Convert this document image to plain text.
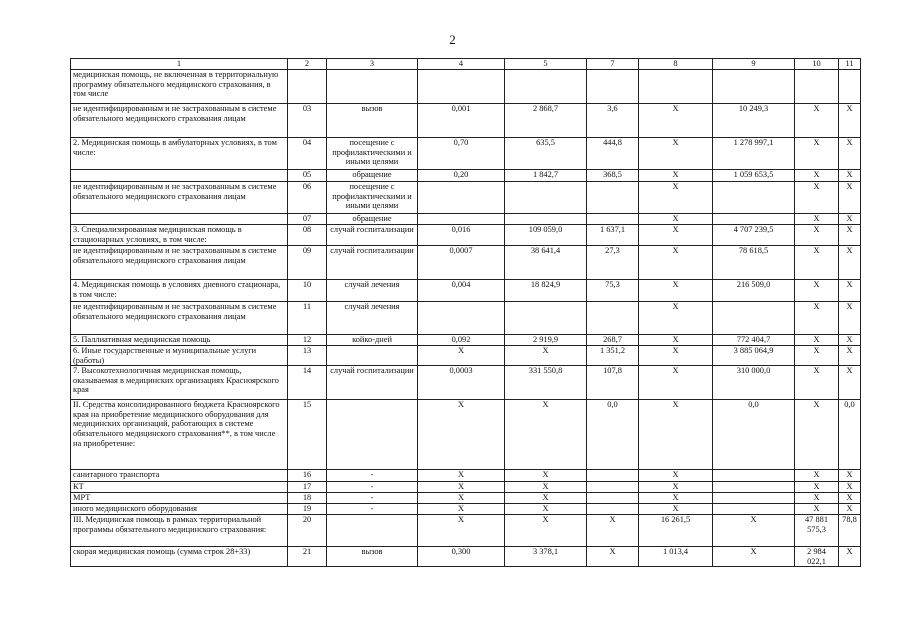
2
1	2	3	4	5	7	8	9	10	11
медицинская помощь, не включенная в территориальную программу обязательного медицинского страхования, в том числе									
не идентифицированным и не застрахованным в системе обязательного медицинского страхования лицам	03	вызов	0,001	2 868,7	3,6	Х	10 249,3	Х	Х
2. Медицинская помощь в амбулаторных условиях, в том числе:	04	посещение с профилактическими и иными целями	0,70	635,5	444,8	Х	1 278 997,1	Х	Х
	05	обращение	0,20	1 842,7	368,5	Х	1 059 653,5	Х	Х
не идентифицированным и не застрахованным в системе обязательного медицинского страхования лицам	06	посещение с профилактическими и иными целями				Х		Х	Х
	07	обращение				Х		Х	Х
3. Специализированная медицинская помощь в стационарных условиях, в том числе:	08	случай госпитализации	0,016	109 059,0	1 637,1	Х	4 707 239,5	Х	Х
не идентифицированным и не застрахованным в системе обязательного медицинского страхования лицам	09	случай госпитализации	0,0007	38 641,4	27,3	Х	78 618,5	Х	Х
4. Медицинская помощь в условиях дневного стационара, в том числе:	10	случай лечения	0,004	18 824,9	75,3	Х	216 509,0	Х	Х
не идентифицированным и не застрахованным в системе обязательного медицинского страхования лицам	11	случай лечения				Х		Х	Х
5. Паллиативная медицинская помощь	12	койко-дней	0,092	2 919,9	268,7	Х	772 404,7	Х	Х
6. Иные государственные и муниципальные услуги (работы)	13		Х	Х	1 351,2	Х	3 885 064,9	Х	Х
7. Высокотехнологичная медицинская помощь, оказываемая в медицинских организациях Красноярского края	14	случай госпитализации	0,0003	331 550,8	107,8	Х	310 000,0	Х	Х
II. Средства консолидированного бюджета Красноярского края на приобретение медицинского оборудования для медицинских организаций, работающих в системе обязательного медицинского страхования**, в том числе на приобретение:	15		Х	Х	0,0	Х	0,0	Х	0,0
санитарного транспорта	16	-	Х	Х		Х		Х	Х
КТ	17	-	Х	Х		Х		Х	Х
МРТ	18	-	Х	Х		Х		Х	Х
иного медицинского оборудования	19	-	Х	Х		Х		Х	Х
III. Медицинская помощь в рамках территориальной программы обязательного медицинского страхования:	20		Х	Х	Х	16 261,5	Х	47 881 575,3	78,8
скорая медицинская помощь (сумма строк 28+33)	21	вызов	0,300	3 378,1	Х	1 013,4	Х	2 984 022,1	Х
